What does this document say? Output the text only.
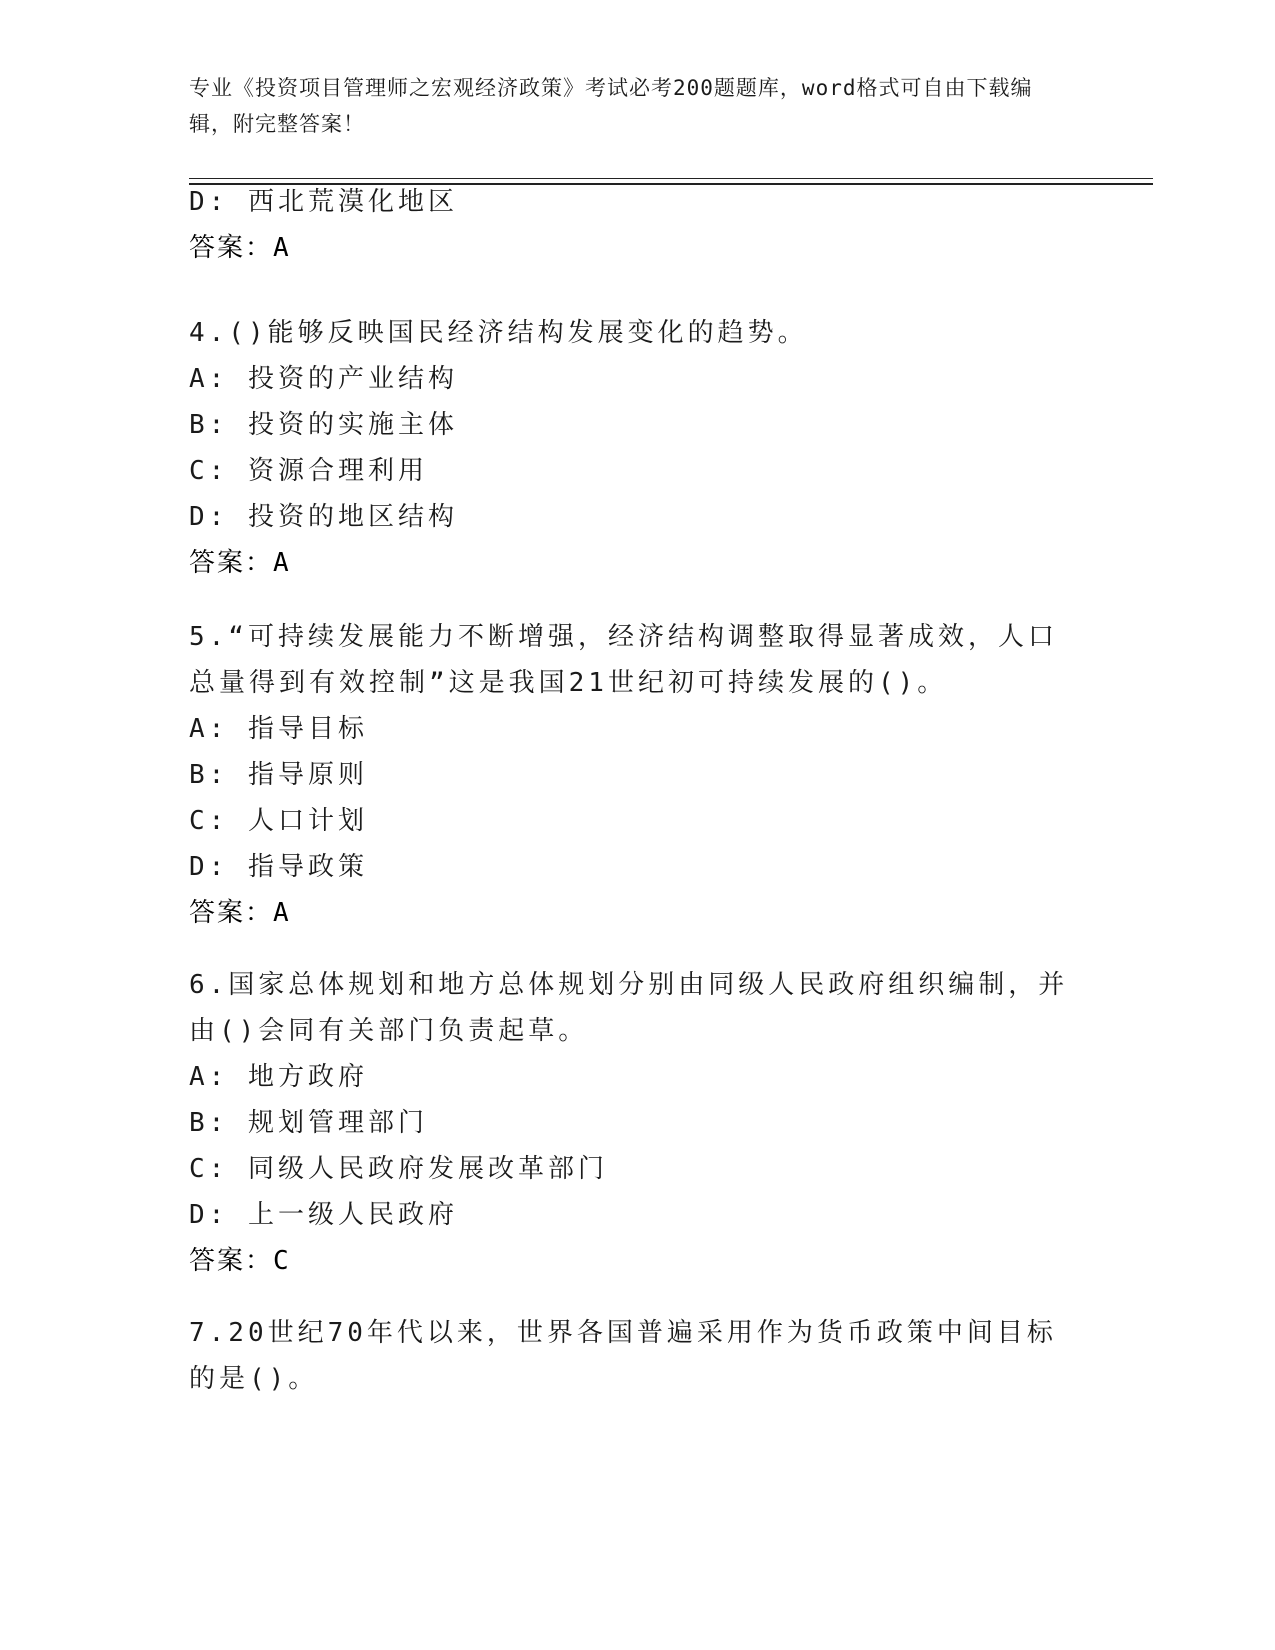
专业《投资项目管理师之宏观经济政策》考试必考200题题库，word格式可自由下载编辑，附完整答案！
D: 西北荒漠化地区
答案：A
4.()能够反映国民经济结构发展变化的趋势。
A: 投资的产业结构
B: 投资的实施主体
C: 资源合理利用
D: 投资的地区结构
答案：A
5.“可持续发展能力不断增强，经济结构调整取得显著成效，人口总量得到有效控制”这是我国21世纪初可持续发展的()。
A: 指导目标
B: 指导原则
C: 人口计划
D: 指导政策
答案：A
6.国家总体规划和地方总体规划分别由同级人民政府组织编制，并由()会同有关部门负责起草。
A: 地方政府
B: 规划管理部门
C: 同级人民政府发展改革部门
D: 上一级人民政府
答案：C
7.20世纪70年代以来，世界各国普遍采用作为货币政策中间目标的是()。
